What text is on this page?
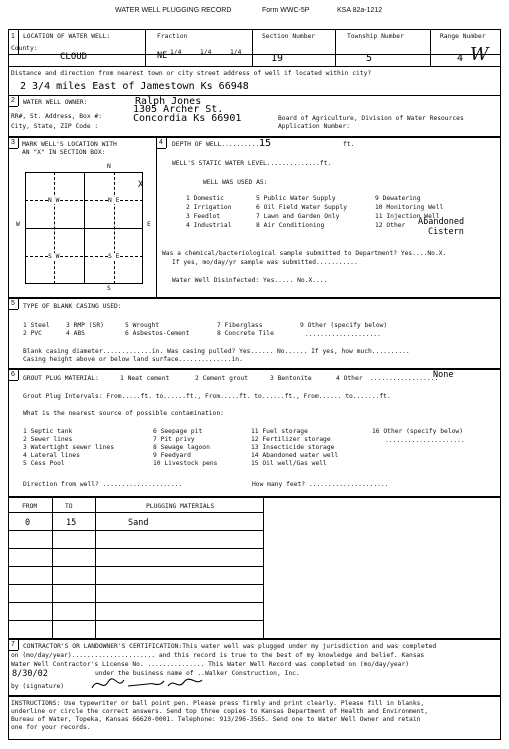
WATER WELL PLUGGING RECORD	Form WWC-5P	KSA 82a-1212
1 LOCATION OF WATER WELL:	Fraction	Section Number	Township Number	Range Number
County:
CLOUD	NE 1/4	1/4	1/4
19	5	4 W
Distance and direction from nearest town or city street address of well if located within city?
2 3/4 miles East of Jamestown Ks 66948
2 WATER WELL OWNER:	Ralph Jones
RR#, St. Address, Box #:
1305 Archer St.
Concordia Ks 66901
City, State, ZIP Code :
Board of Agriculture, Division of Water Resources
Application Number:
3 MARK WELL'S LOCATION WITH
AN "X" IN SECTION BOX:
N
S
W	E
N W	N E
S W	S E
X
4 DEPTH OF WELL...........
15	ft.
WELL'S STATIC WATER LEVEL..............ft.
WELL WAS USED AS:
1 Domestic
2 Irrigation
3 Feedlot
4 Industrial
5 Public Water Supply
6 Oil Field Water Supply
7 Lawn and Garden Only
8 Air Conditioning
9 Dewatering
10 Monitoring Well
11 Injection Well
12 Other Abandoned
Cistern
Was a chemical/bacteriological sample submitted to Department? Yes....No.X.
If yes, mo/day/yr sample was submitted...........
Water Well Disinfected: Yes..... No.X....
5 TYPE OF BLANK CASING USED:
1 Steel	3 RMP (SR)	5 Wrought	7 Fiberglass	9 Other (specify below)
2 PVC	4 ABS	6 Asbestos-Cement	8 Concrete Tile	....................
Blank casing diameter.............in. Was casing pulled? Yes...... No...... If yes, how much..........
Casing height above or below land surface..............in.
6
GROUT PLUG MATERIAL:	1 Neat cement	2 Cement grout	3 Bentonite	4 Other ..................
None
Grout Plug Intervals: From.....ft. to......ft., From.....ft. to......ft., From...... to.......ft.
What is the nearest source of possible contamination:
1 Septic tank
2 Sewer lines
3 Watertight sewer lines
4 Lateral lines
5 Cess Pool
6 Seepage pit
7 Pit privy
8 Sewage lagoon
9 Feedyard
10 Livestock pens
11 Fuel storage
12 Fertilizer storage
13 Insecticide storage
14 Abandoned water well
15 Oil well/Gas well
16 Other (specify below)
.....................
Direction from well? .....................	How many feet? .....................
FROM	TO	PLUGGING MATERIALS
0	15	Sand
7 CONTRACTOR'S OR LANDOWNER'S CERTIFICATION:This water well was plugged under my jurisdiction and was completed
on (mo/day/year)...................... and this record is true to the best of my knowledge and belief. Kansas
Water Well Contractor's License No. ............... This Water Well Record was completed on (mo/day/year)
8/30/02	under the business name of ..Walker Construction, Inc.
by (signature)
INSTRUCTIONS: Use typewriter or ball point pen. Please press firmly and print clearly. Please fill in blanks,
underline or circle the correct answers. Send top three copies to Kansas Department of Health and Environment,
Bureau of Water, Topeka, Kansas 66620-0001. Telephone: 913/296-3565. Send one to Water Well Owner and retain
one for your records.
